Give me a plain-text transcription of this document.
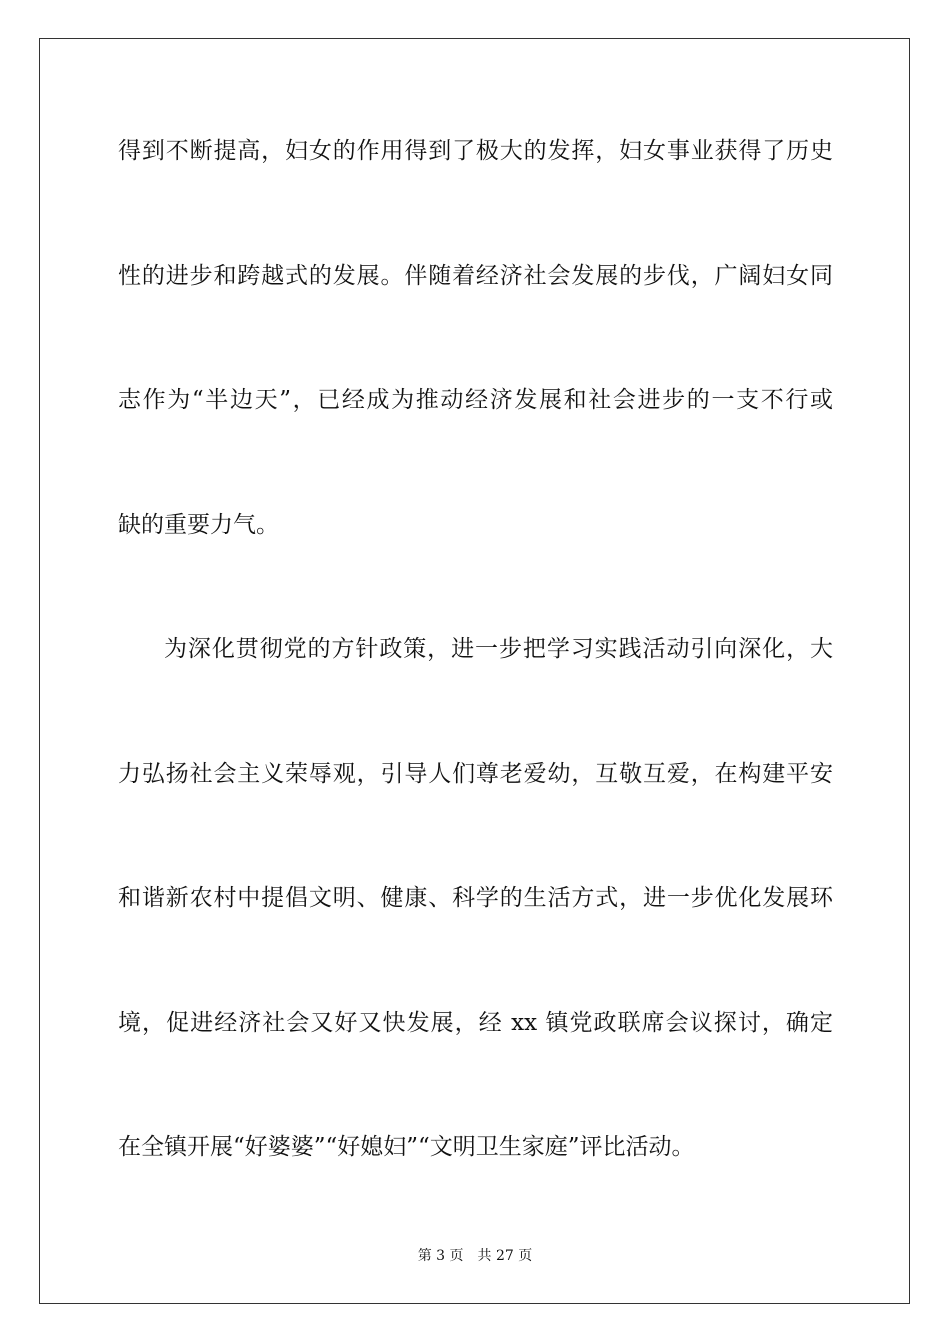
得到不断提高，妇女的作用得到了极大的发挥，妇女事业获得了历史
性的进步和跨越式的发展。伴随着经济社会发展的步伐，广阔妇女同
志作为“半边天”，已经成为推动经济发展和社会进步的一支不行或
缺的重要力气。
为深化贯彻党的方针政策，进一步把学习实践活动引向深化，大
力弘扬社会主义荣辱观，引导人们尊老爱幼，互敬互爱，在构建平安
和谐新农村中提倡文明、健康、科学的生活方式，进一步优化发展环
境，促进经济社会又好又快发展，经 xx 镇党政联席会议探讨，确定
在全镇开展“好婆婆”“好媳妇”“文明卫生家庭”评比活动。
第 3 页　共 27 页
